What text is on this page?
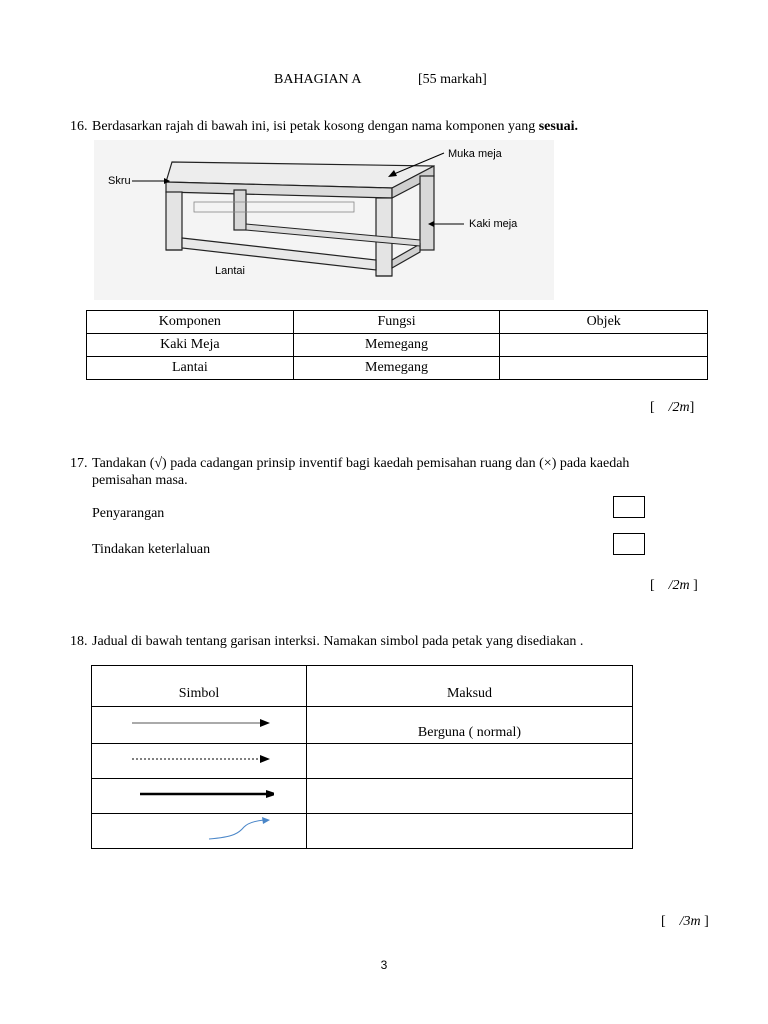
BAHAGIAN A	[55 markah]
16. Berdasarkan rajah di bawah ini, isi petak kosong dengan nama komponen yang sesuai.
Skru
Muka meja
Kaki meja
Lantai
Komponen	Fungsi	Objek
Kaki Meja	Memegang	
Lantai	Memegang	
[ /2m]
17. Tandakan (√) pada cadangan prinsip inventif bagi kaedah pemisahan ruang dan (×) pada kaedah
pemisahan masa.
Penyarangan
Tindakan keterlaluan
[ /2m ]
18. Jadual di bawah tentang garisan interksi. Namakan simbol pada petak yang disediakan .
Simbol	Maksud
	Berguna ( normal)

[ /3m ]
3
